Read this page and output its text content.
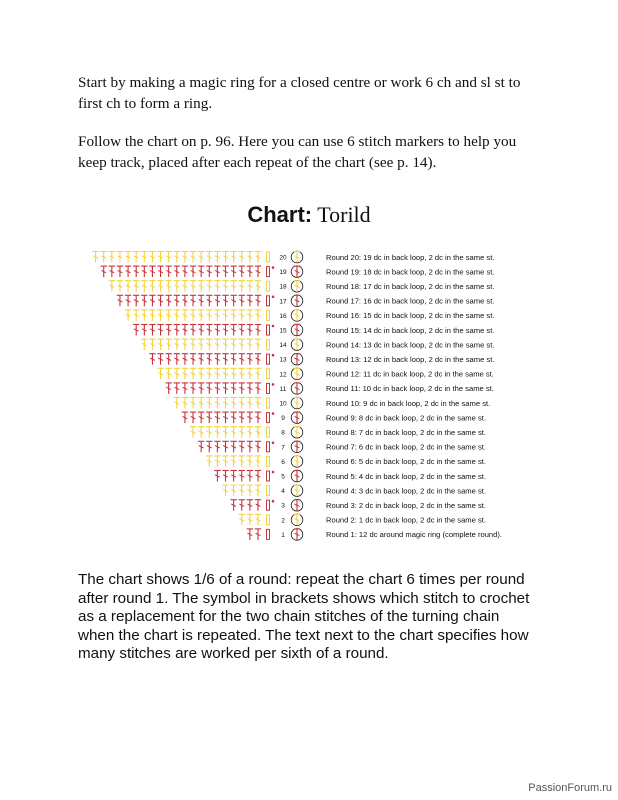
Start by making a magic ring for a closed centre or work 6 ch and sl st to first ch to form a ring.

Follow the chart on p. 96. Here you can use 6 stitch markers to help you keep track, placed after each repeat of the chart (see p. 14).

Chart: Torild
20	Round 20: 19 dc in back loop, 2 dc in the same st.
19	Round 19: 18 dc in back loop, 2 dc in the same st.
18	Round 18: 17 dc in back loop, 2 dc in the same st.
17	Round 17: 16 dc in back loop, 2 dc in the same st.
16	Round 16: 15 dc in back loop, 2 dc in the same st.
15	Round 15: 14 dc in back loop, 2 dc in the same st.
14	Round 14: 13 dc in back loop, 2 dc in the same st.
13	Round 13: 12 dc in back loop, 2 dc in the same st.
12	Round 12: 11 dc in back loop, 2 dc in the same st.
11	Round 11: 10 dc in back loop, 2 dc in the same st.
10	Round 10: 9 dc in back loop, 2 dc in the same st.
9	Round 9: 8 dc in back loop, 2 dc in the same st.
8	Round 8: 7 dc in back loop, 2 dc in the same st.
7	Round 7: 6 dc in back loop, 2 dc in the same st.
6	Round 6: 5 dc in back loop, 2 dc in the same st.
5	Round 5: 4 dc in back loop, 2 dc in the same st.
4	Round 4: 3 dc in back loop, 2 dc in the same st.
3	Round 3: 2 dc in back loop, 2 dc in the same st.
2	Round 2: 1 dc in back loop, 2 dc in the same st.
1	Round 1: 12 dc around magic ring (complete round).

The chart shows 1/6 of a round: repeat the chart 6 times per round after round 1. The symbol in brackets shows which stitch to crochet as a replacement for the two chain stitches of the turning chain when the chart is repeated. The text next to the chart specifies how many stitches are worked per sixth of a round.

PassionForum.ru
